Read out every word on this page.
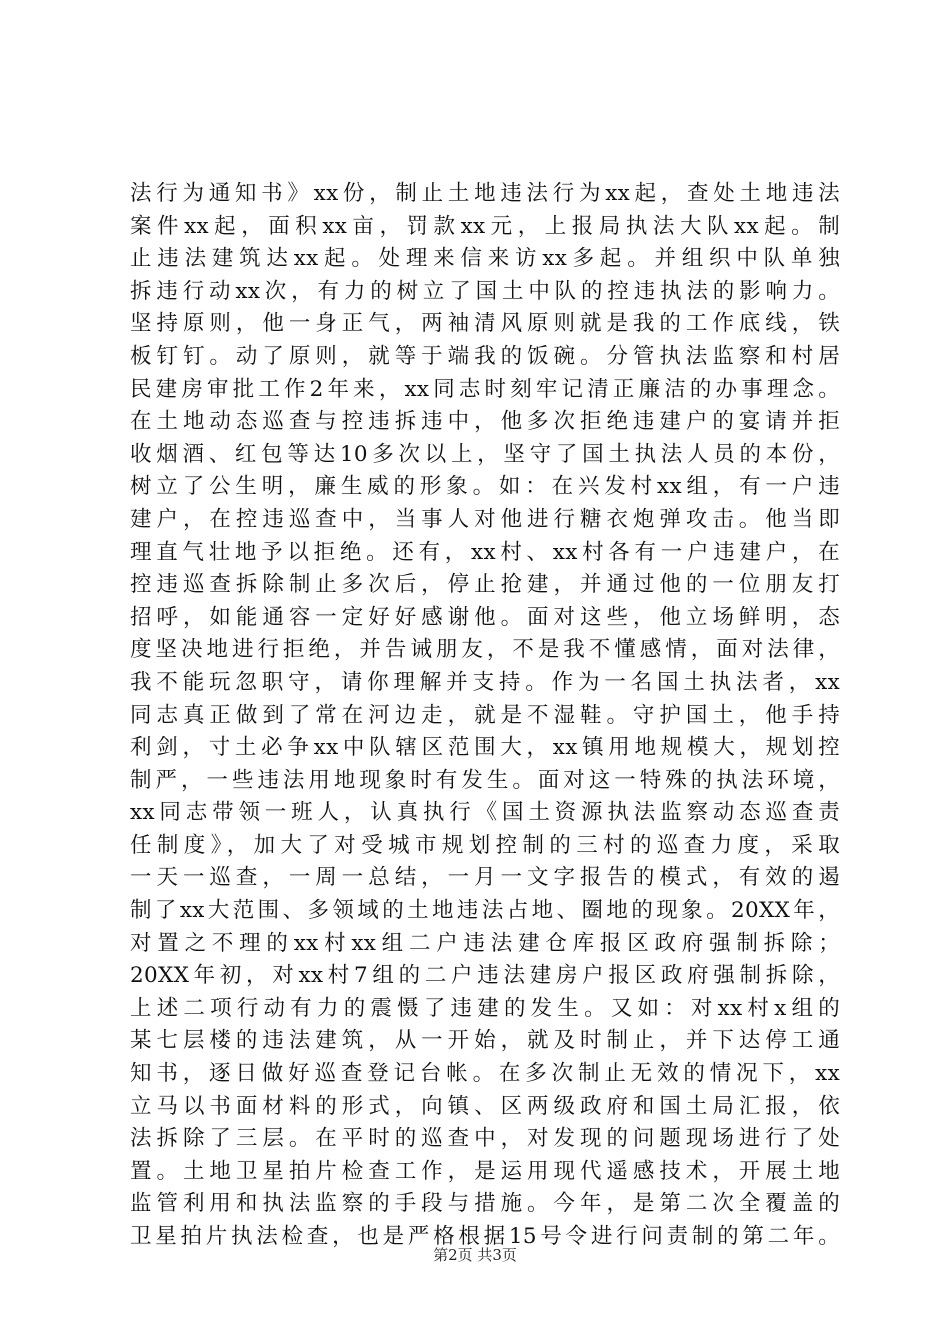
法行为通知书》xx份，制止土地违法行为xx起，查处土地违法
案件xx起，面积xx亩，罚款xx元，上报局执法大队xx起。制
止违法建筑达xx起。处理来信来访xx多起。并组织中队单独
拆违行动xx次，有力的树立了国土中队的控违执法的影响力。
坚持原则，他一身正气，两袖清风原则就是我的工作底线，铁
板钉钉。动了原则，就等于端我的饭碗。分管执法监察和村居
民建房审批工作2年来，xx同志时刻牢记清正廉洁的办事理念。
在土地动态巡查与控违拆违中，他多次拒绝违建户的宴请并拒
收烟酒、红包等达10多次以上，坚守了国土执法人员的本份，
树立了公生明，廉生威的形象。如：在兴发村xx组，有一户违
建户，在控违巡查中，当事人对他进行糖衣炮弹攻击。他当即
理直气壮地予以拒绝。还有，xx村、xx村各有一户违建户，在
控违巡查拆除制止多次后，停止抢建，并通过他的一位朋友打
招呼，如能通容一定好好感谢他。面对这些，他立场鲜明，态
度坚决地进行拒绝，并告诫朋友，不是我不懂感情，面对法律，
我不能玩忽职守，请你理解并支持。作为一名国土执法者，xx
同志真正做到了常在河边走，就是不湿鞋。守护国土，他手持
利剑，寸土必争xx中队辖区范围大，xx镇用地规模大，规划控
制严，一些违法用地现象时有发生。面对这一特殊的执法环境，
xx同志带领一班人，认真执行《国土资源执法监察动态巡查责
任制度》，加大了对受城市规划控制的三村的巡查力度，采取
一天一巡查，一周一总结，一月一文字报告的模式，有效的遏
制了xx大范围、多领域的土地违法占地、圈地的现象。20XX年，
对置之不理的xx村xx组二户违法建仓库报区政府强制拆除；
20XX年初，对xx村7组的二户违法建房户报区政府强制拆除，
上述二项行动有力的震慑了违建的发生。又如：对xx村x组的
某七层楼的违法建筑，从一开始，就及时制止，并下达停工通
知书，逐日做好巡查登记台帐。在多次制止无效的情况下，xx
立马以书面材料的形式，向镇、区两级政府和国土局汇报，依
法拆除了三层。在平时的巡查中，对发现的问题现场进行了处
置。土地卫星拍片检查工作，是运用现代遥感技术，开展土地
监管利用和执法监察的手段与措施。今年，是第二次全覆盖的
卫星拍片执法检查，也是严格根据15号令进行问责制的第二年。
第2页 共3页
